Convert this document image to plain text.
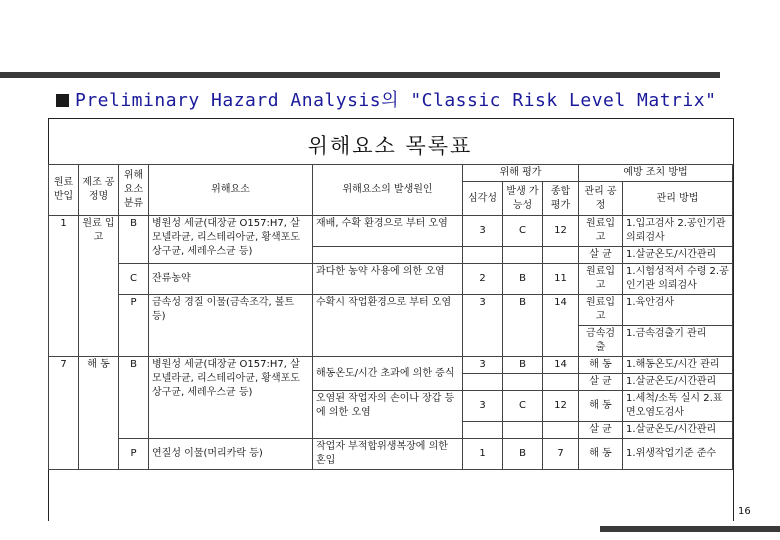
Preliminary Hazard Analysis의 "Classic Risk Level Matrix"
위해요소 목록표
원료 반입	제조 공정명	위해 요소 분류	위해요소	위해요소의 발생원인	위해 평가			예방 조치 방법	
					심각성	발생 가능성	종합 평가	관리 공정	관리 방법
1	원료 입고	B	병원성 세균(대장균 O157:H7, 살모넬라균, 리스테리아균, 황색포도상구균, 세레우스균 등)	재배, 수확 환경으로 부터 오염	3	C	12	원료입고	1.입고검사 2.공인기관 의뢰검사
								살 균	1.살균온도/시간관리
		C	잔류농약	과다한 농약 사용에 의한 오염	2	B	11	원료입고	1.시험성적서 수령 2.공인기관 의뢰검사
		P	금속성 경질 이물(금속조각, 볼트 등)	수확시 작업환경으로 부터 오염	3	B	14	원료입고	1.육안검사
								금속검출	1.금속검출기 관리
7	해 동	B	병원성 세균(대장균 O157:H7, 살모넬라균, 리스테리아균, 황색포도상구균, 세레우스균 등)	해동온도/시간 초과에 의한 증식	3	B	14	해 동	1.해동온도/시간 관리
								살 균	1.살균온도/시간관리
				오염된 작업자의 손이나 장갑 등에 의한 오염	3	C	12	해 동	1.세척/소독 실시 2.표면오염도검사
								살 균	1.살균온도/시간관리
		P	연질성 이물(머리카락 등)	작업자 부적합위생복장에 의한 혼입	1	B	7	해 동	1.위생작업기준 준수
16
